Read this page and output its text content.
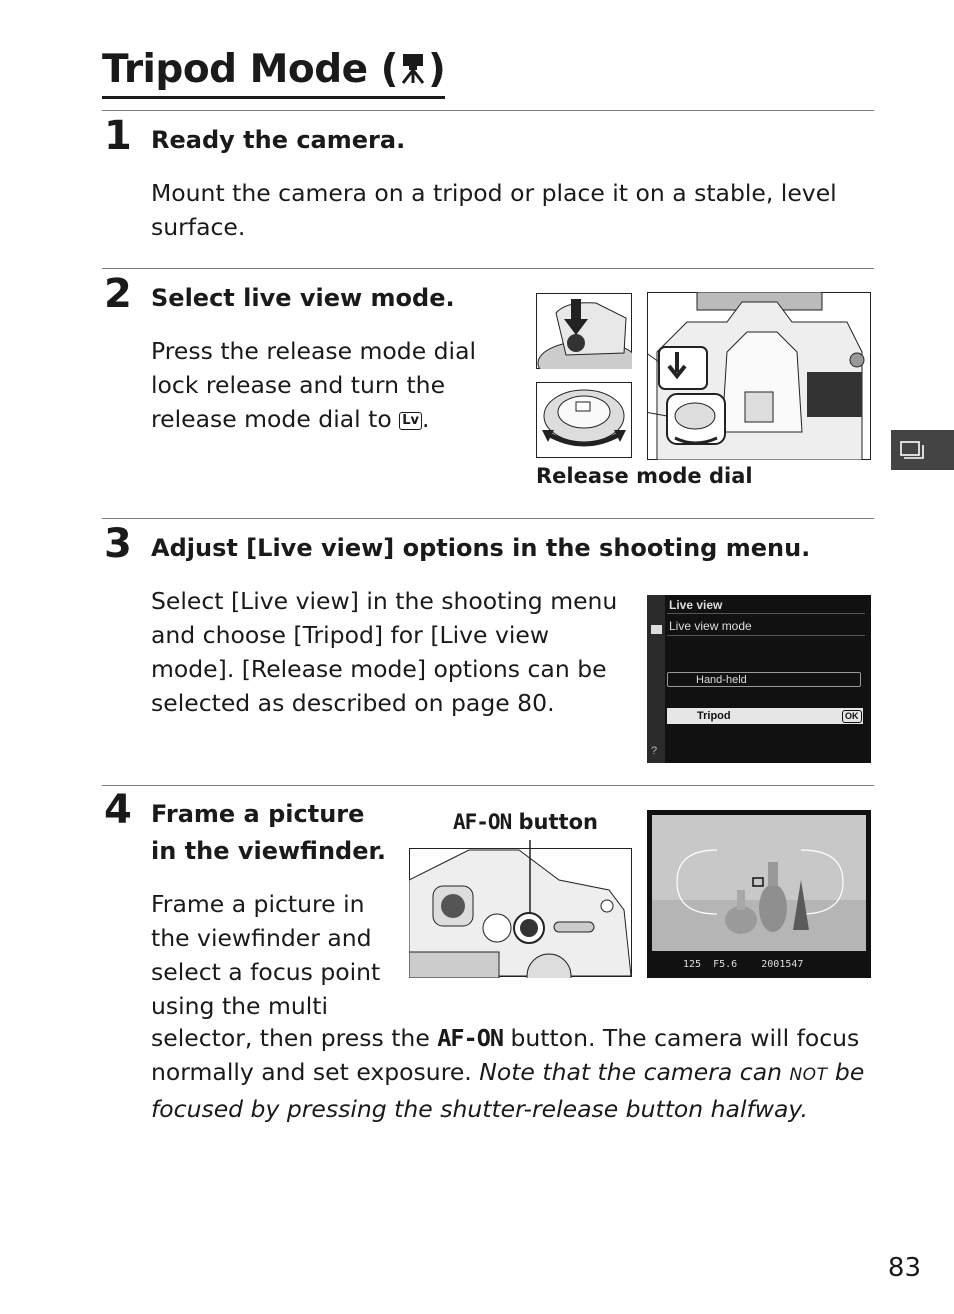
Tripod Mode ( )
1 Ready the camera.
Mount the camera on a tripod or place it on a stable, level surface.
2 Select live view mode.

Press the release mode dial

lock release and turn the

release mode dial to Lv .

Release mode dial
3 Adjust [Live view] options in the shooting menu.

Select [Live view] in the shooting menu

and choose [Tripod] for [Live view

mode]. [Release mode] options can be

selected as described on page 80.

Live view
Live view mode
Hand-held
Tripod	OK
?
4 Frame a picture
in the viewfinder.

Frame a picture in

the viewfinder and

select a focus point

using the multi

selector, then press the AF-ON button. The camera will focus

normally and set exposure. Note that the camera can NOT be

focused by pressing the shutter-release button halfway.

AF-ON button
125  F5.6    2001547
83
